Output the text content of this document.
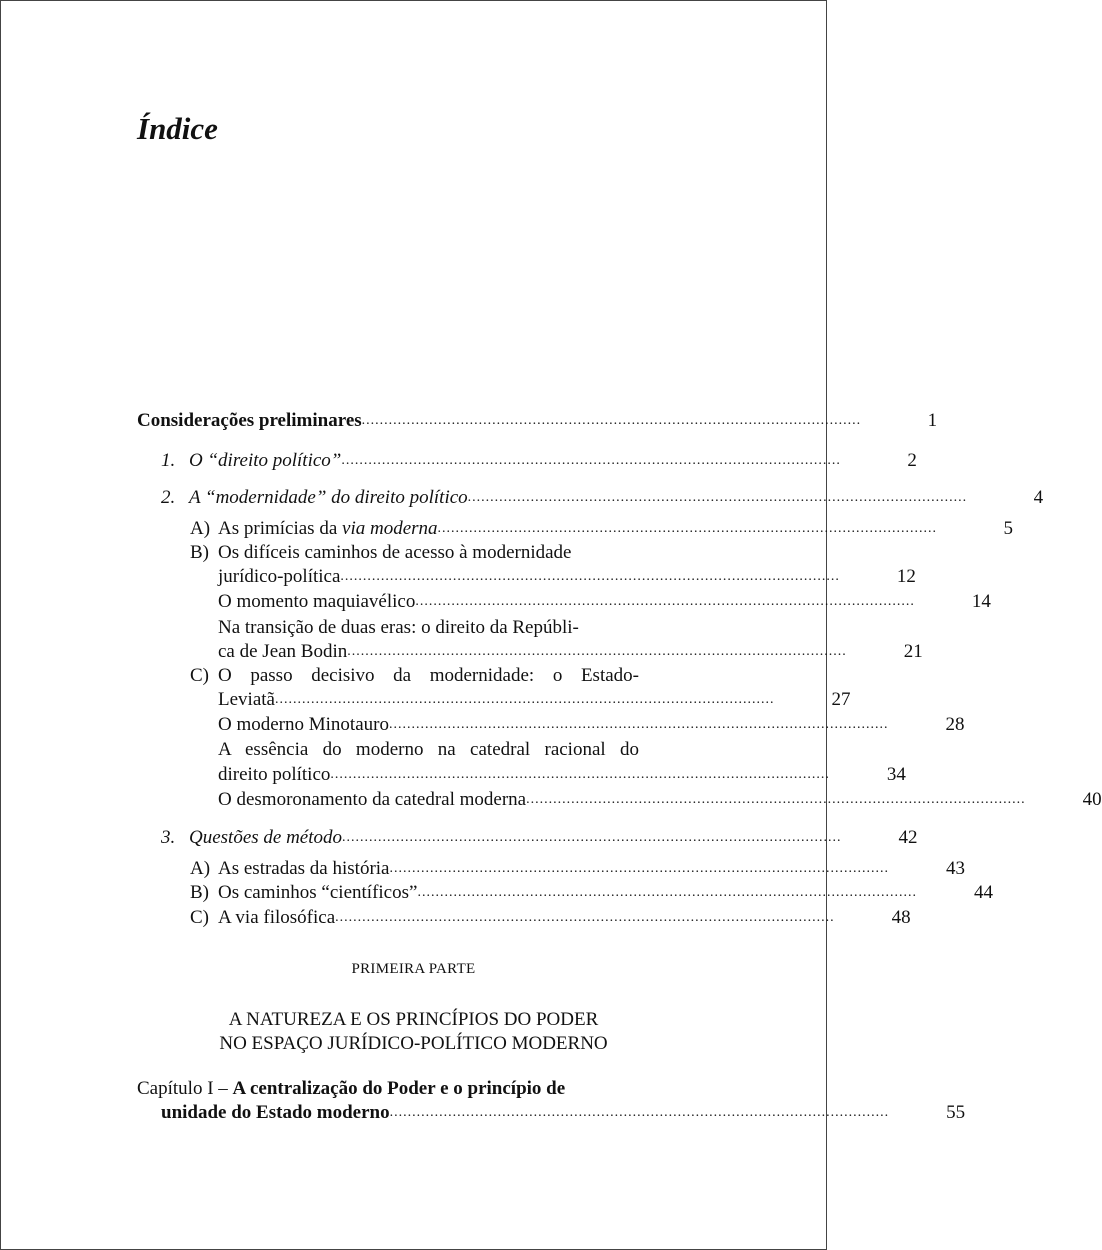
Índice
Considerações preliminares ...............................................................................................................	1
1. O “direito político” ...............................................................................................................	2
2. A “modernidade” do direito político ...............................................................................................................	4
A) As primícias da via moderna ...............................................................................................................	5
B) Os difíceis caminhos de acesso à modernidade
jurídico-política ...............................................................................................................	12
O momento maquiavélico ...............................................................................................................	14
Na transição de duas eras: o direito da Repúbli-
ca de Jean Bodin ...............................................................................................................	21
C) O passo decisivo da modernidade: o Estado-
Leviatã ...............................................................................................................	27
O moderno Minotauro ...............................................................................................................	28
A essência do moderno na catedral racional do
direito político ...............................................................................................................	34
O desmoronamento da catedral moderna ...............................................................................................................	40
3. Questões de método ...............................................................................................................	42
A) As estradas da história ...............................................................................................................	43
B) Os caminhos “científicos” ...............................................................................................................	44
C) A via filosófica ...............................................................................................................	48
PRIMEIRA PARTE
A NATUREZA E OS PRINCÍPIOS DO PODER
NO ESPAÇO JURÍDICO-POLÍTICO MODERNO
Capítulo I – A centralização do Poder e o princípio de
unidade do Estado moderno ...............................................................................................................	55
